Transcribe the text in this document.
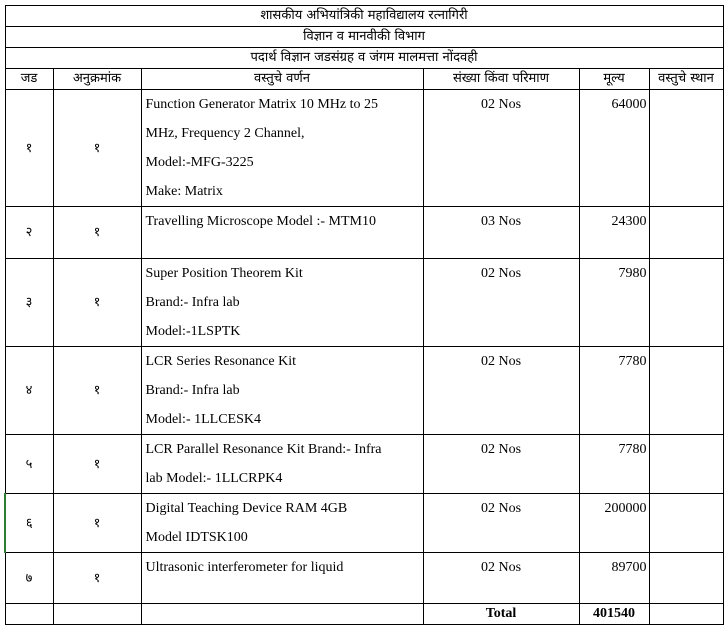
शासकीय अभियांत्रिकी महाविद्यालय रत्नागिरी					
विज्ञान व मानवीकी विभाग					
पदार्थ विज्ञान जडसंग्रह व जंगम मालमत्ता नोंदवही					
जड	अनुक्रमांक	वस्तुचे वर्णन	संख्या किंवा परिमाण	मूल्य	वस्तुचे स्थान
१	१	Function Generator Matrix 10 MHz to 25
MHz, Frequency 2 Channel,
Model:-MFG-3225
Make: Matrix	02 Nos	64000	
२	१	Travelling Microscope Model :- MTM10	03 Nos	24300	
३	१	Super Position Theorem Kit
Brand:- Infra lab
Model:-1LSPTK	02 Nos	7980	
४	१	LCR Series Resonance Kit
Brand:- Infra lab
Model:- 1LLCESK4	02 Nos	7780	
५	१	LCR Parallel Resonance Kit Brand:- Infra
lab Model:- 1LLCRPK4	02 Nos	7780	
६	१	Digital Teaching Device RAM 4GB
Model IDTSK100	02 Nos	200000	
७	१	Ultrasonic interferometer for liquid	02 Nos	89700	
			Total	401540	
